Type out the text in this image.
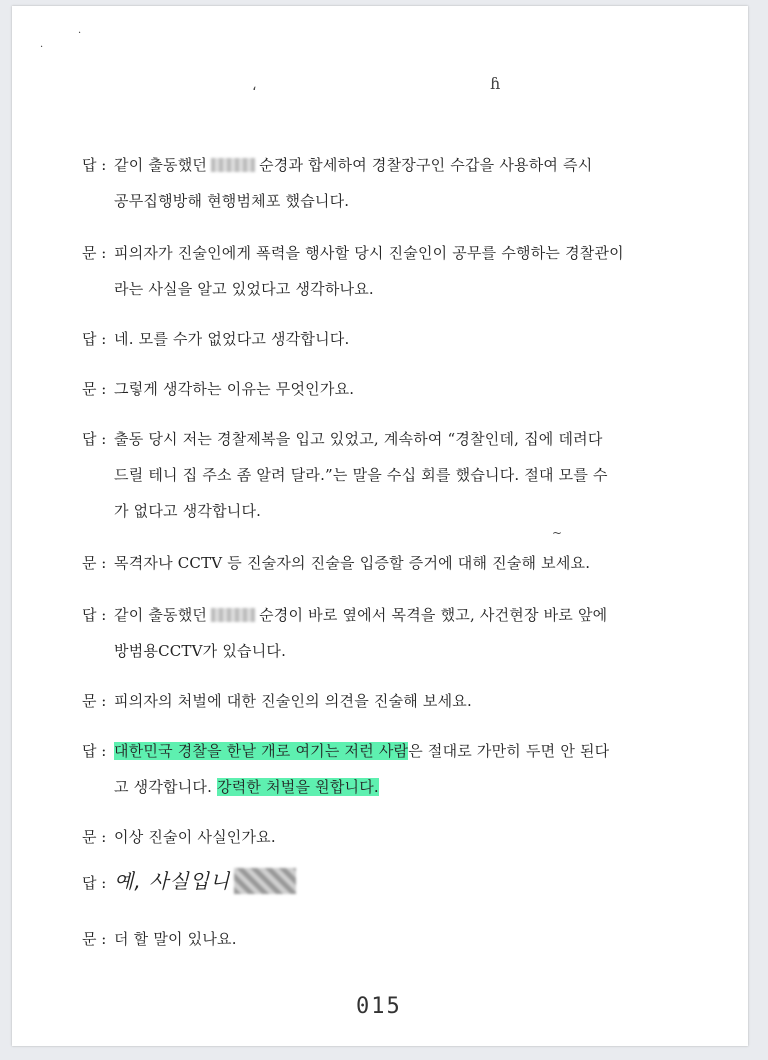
·
·
،	ɦ
답 : 같이 출동했던	순경과 합세하여 경찰장구인 수갑을 사용하여 즉시
공무집행방해 현행범체포 했습니다.
문 : 피의자가 진술인에게 폭력을 행사할 당시 진술인이 공무를 수행하는 경찰관이
라는 사실을 알고 있었다고 생각하나요.
답 : 네. 모를 수가 없었다고 생각합니다.
문 : 그렇게 생각하는 이유는 무엇인가요.
답 : 출동 당시 저는 경찰제복을 입고 있었고, 계속하여 “경찰인데, 집에 데려다
드릴 테니 집 주소 좀 알려 달라.”는 말을 수십 회를 했습니다. 절대 모를 수
가 없다고 생각합니다.
~
문 : 목격자나 CCTV 등 진술자의 진술을 입증할 증거에 대해 진술해 보세요.
답 : 같이 출동했던	순경이 바로 옆에서 목격을 했고, 사건현장 바로 앞에
방범용CCTV가 있습니다.
문 : 피의자의 처벌에 대한 진술인의 의견을 진술해 보세요.
답 : 대한민국 경찰을 한낱 개로 여기는 저런 사람은 절대로 가만히 두면 안 된다
고 생각합니다. 강력한 처벌을 원합니다.
문 : 이상 진술이 사실인가요.
답 : 예, 사실입니
문 : 더 할 말이 있나요.
015
